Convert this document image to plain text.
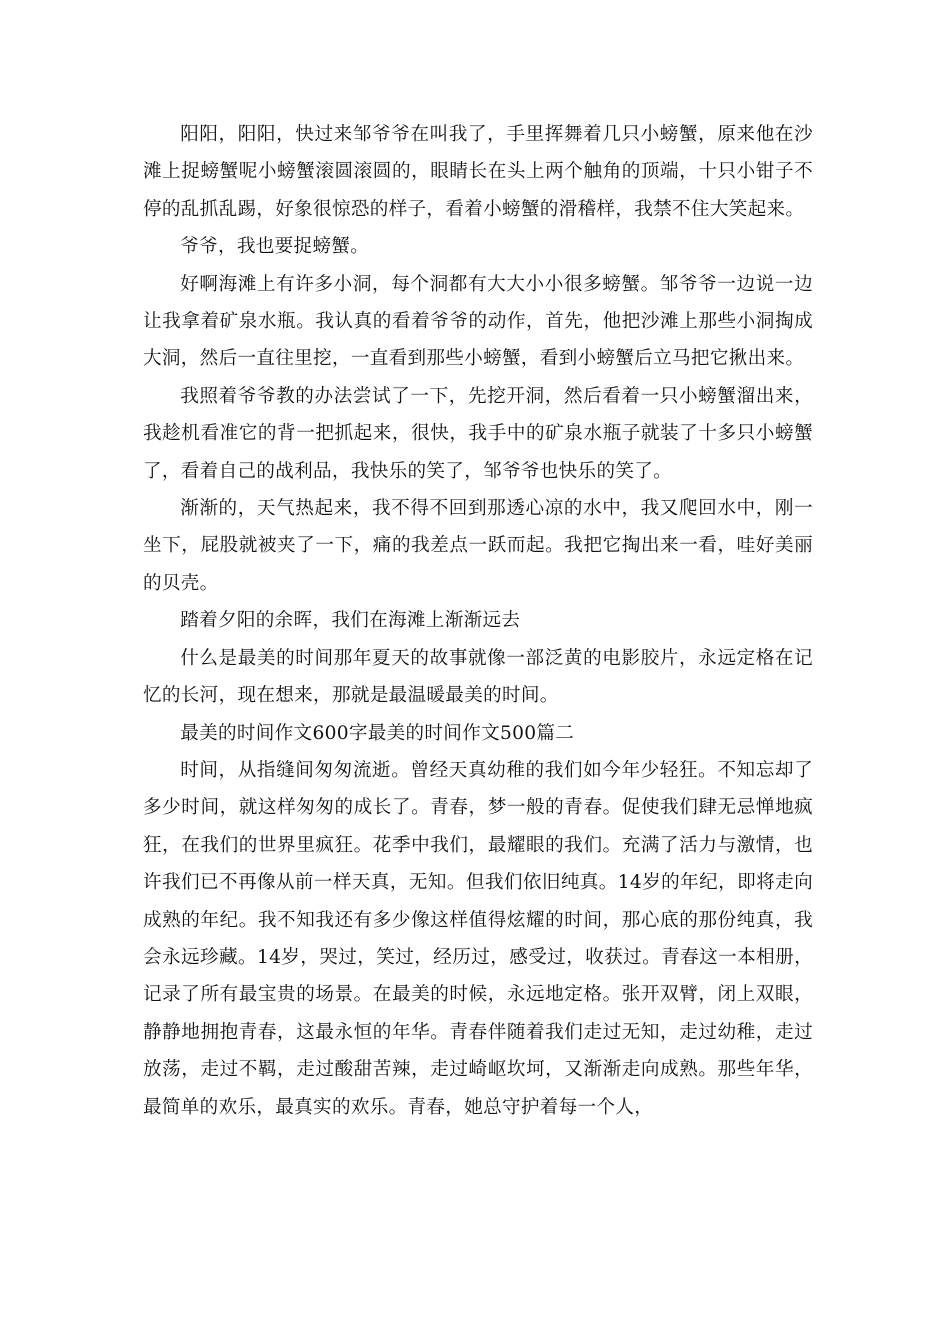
阳阳，阳阳，快过来邹爷爷在叫我了，手里挥舞着几只小螃蟹，原来他在沙滩上捉螃蟹呢小螃蟹滚圆滚圆的，眼睛长在头上两个触角的顶端，十只小钳子不停的乱抓乱踢，好象很惊恐的样子，看着小螃蟹的滑稽样，我禁不住大笑起来。

爷爷，我也要捉螃蟹。

好啊海滩上有许多小洞，每个洞都有大大小小很多螃蟹。邹爷爷一边说一边让我拿着矿泉水瓶。我认真的看着爷爷的动作，首先，他把沙滩上那些小洞掏成大洞，然后一直往里挖，一直看到那些小螃蟹，看到小螃蟹后立马把它揪出来。

我照着爷爷教的办法尝试了一下，先挖开洞，然后看着一只小螃蟹溜出来，我趁机看准它的背一把抓起来，很快，我手中的矿泉水瓶子就装了十多只小螃蟹了，看着自己的战利品，我快乐的笑了，邹爷爷也快乐的笑了。

渐渐的，天气热起来，我不得不回到那透心凉的水中，我又爬回水中，刚一坐下，屁股就被夹了一下，痛的我差点一跃而起。我把它掏出来一看，哇好美丽的贝壳。

踏着夕阳的余晖，我们在海滩上渐渐远去

什么是最美的时间那年夏天的故事就像一部泛黄的电影胶片，永远定格在记忆的长河，现在想来，那就是最温暖最美的时间。

最美的时间作文600字最美的时间作文500篇二

时间，从指缝间匆匆流逝。曾经天真幼稚的我们如今年少轻狂。不知忘却了多少时间，就这样匆匆的成长了。青春，梦一般的青春。促使我们肆无忌惮地疯狂，在我们的世界里疯狂。花季中我们，最耀眼的我们。充满了活力与激情，也许我们已不再像从前一样天真，无知。但我们依旧纯真。14岁的年纪，即将走向成熟的年纪。我不知我还有多少像这样值得炫耀的时间，那心底的那份纯真，我会永远珍藏。14岁，哭过，笑过，经历过，感受过，收获过。青春这一本相册，记录了所有最宝贵的场景。在最美的时候，永远地定格。张开双臂，闭上双眼，静静地拥抱青春，这最永恒的年华。青春伴随着我们走过无知，走过幼稚，走过放荡，走过不羁，走过酸甜苦辣，走过崎岖坎坷，又渐渐走向成熟。那些年华，最简单的欢乐，最真实的欢乐。青春，她总守护着每一个人，
